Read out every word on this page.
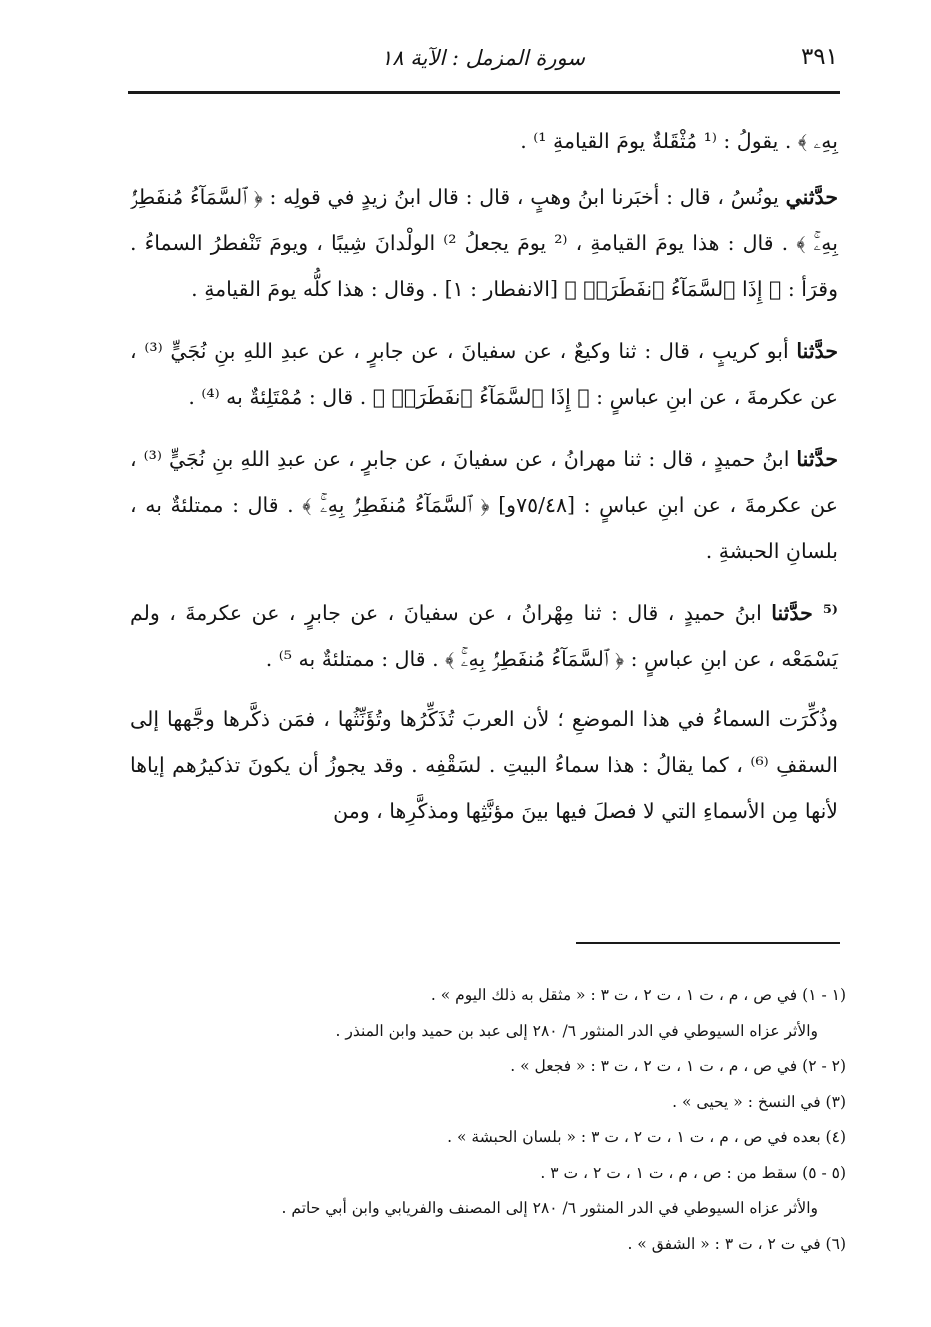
سورة المزمل : الآية ١٨	٣٩١

بِهِۦ ﴾ . يقولُ : ⁽¹ مُثْقَلةٌ يومَ القيامةِ ¹⁾ .

حدَّثني يونُسُ ، قال : أخبَرنا ابنُ وهبٍ ، قال : قال ابنُ زيدٍ في قولِه : ﴿ ٱلسَّمَآءُ مُنفَطِرُۢ بِهِۦۚ ﴾ . قال : هذا يومَ القيامةِ ، ⁽² يومَ يجعلُ ²⁾ الولْدانَ شِيبًا ، ويومَ تَنْفطرُ السماءُ . وقرَأ : ﴿ إِذَا ٱلسَّمَآءُ ٱنفَطَرَتۡ ﴾ [الانفطار : ١] . وقال : هذا كلُّه يومَ القيامةِ .

حدَّثنا أبو كريبٍ ، قال : ثنا وكيعٌ ، عن سفيانَ ، عن جابرٍ ، عن عبدِ اللهِ بنِ نُجَيٍّ ⁽³⁾ ، عن عكرمةَ ، عن ابنِ عباسٍ : ﴿ إِذَا ٱلسَّمَآءُ ٱنفَطَرَتۡ ﴾ . قال : مُمْتَلِئةٌ به ⁽⁴⁾ .

حدَّثنا ابنُ حميدٍ ، قال : ثنا مهرانُ ، عن سفيانَ ، عن جابرٍ ، عن عبدِ اللهِ بنِ نُجَيٍّ ⁽³⁾ ، عن عكرمةَ ، عن ابنِ عباسٍ : [٧٥/٤٨و] ﴿ ٱلسَّمَآءُ مُنفَطِرُۢ بِهِۦۚ ﴾ . قال : ممتلئةٌ به ، بلسانِ الحبشةِ .

⁽⁵ حدَّثنا ابنُ حميدٍ ، قال : ثنا مِهْرانُ ، عن سفيانَ ، عن جابرٍ ، عن عكرمةَ ، ولم يَسْمَعْه ، عن ابنِ عباسٍ : ﴿ ٱلسَّمَآءُ مُنفَطِرُۢ بِهِۦۚ ﴾ . قال : ممتلئةٌ به ⁵⁾ .

وذُكِّرَت السماءُ في هذا الموضعِ ؛ لأن العربَ تُذَكِّرُها وتُؤَنِّثُها ، فمَن ذكَّرها وجَّهها إلى السقفِ ⁽⁶⁾ ، كما يقالُ : هذا سماءُ البيتِ . لسَقْفِه . وقد يجوزُ أن يكونَ تذكيرُهم إياها لأنها مِن الأسماءِ التي لا فصلَ فيها بينَ مؤنَّثِها ومذكَّرِها ، ومن

(١ - ١) في ص ، م ، ت ١ ، ت ٢ ، ت ٣ : « مثقل به ذلك اليوم » .

والأثر عزاه السيوطي في الدر المنثور ٦/ ٢٨٠ إلى عبد بن حميد وابن المنذر .

(٢ - ٢) في ص ، م ، ت ١ ، ت ٢ ، ت ٣ : « فجعل » .

(٣) في النسخ : « يحيى » .

(٤) بعده في ص ، م ، ت ١ ، ت ٢ ، ت ٣ : « بلسان الحبشة » .

(٥ - ٥) سقط من : ص ، م ، ت ١ ، ت ٢ ، ت ٣ .

والأثر عزاه السيوطي في الدر المنثور ٦/ ٢٨٠ إلى المصنف والفريابي وابن أبي حاتم .

(٦) في ت ٢ ، ت ٣ : « الشفق » .
